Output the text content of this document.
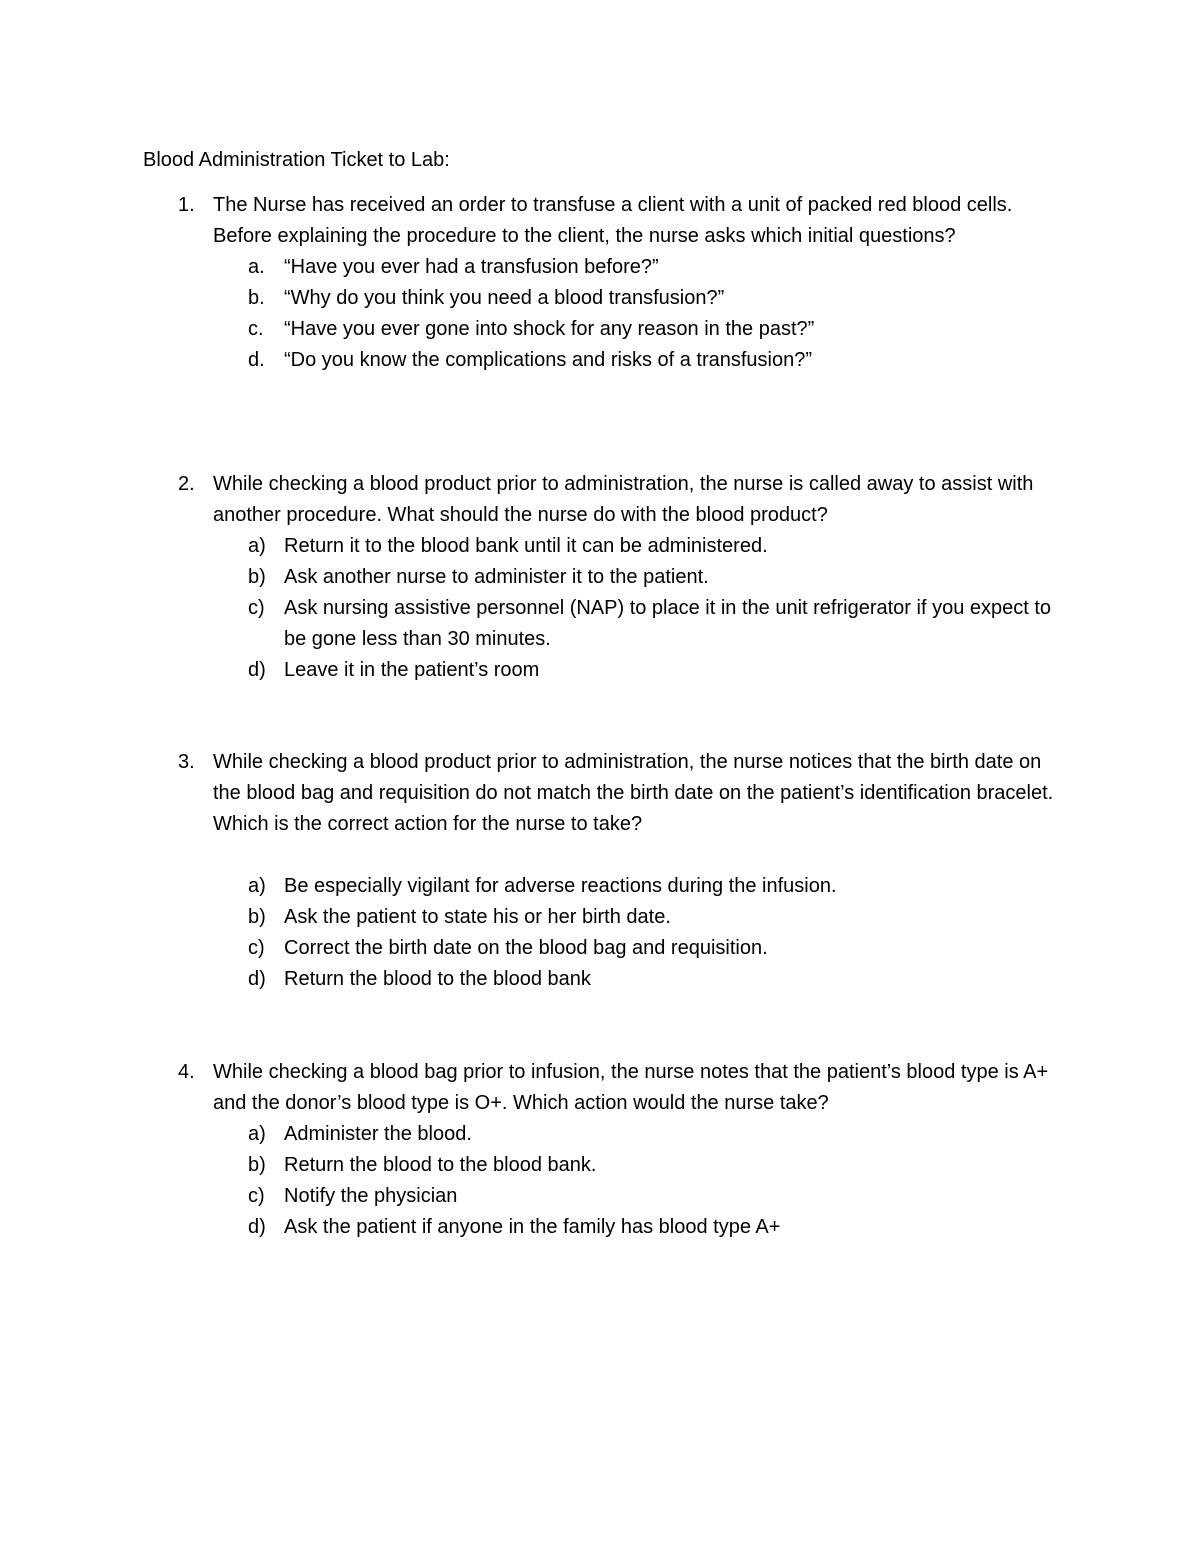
Blood Administration Ticket to Lab:
1. The Nurse has received an order to transfuse a client with a unit of packed red blood cells. Before explaining the procedure to the client, the nurse asks which initial questions?
a. “Have you ever had a transfusion before?”
b. “Why do you think you need a blood transfusion?”
c. “Have you ever gone into shock for any reason in the past?”
d. “Do you know the complications and risks of a transfusion?”
2. While checking a blood product prior to administration, the nurse is called away to assist with another procedure. What should the nurse do with the blood product?
a) Return it to the blood bank until it can be administered.
b) Ask another nurse to administer it to the patient.
c) Ask nursing assistive personnel (NAP) to place it in the unit refrigerator if you expect to be gone less than 30 minutes.
d) Leave it in the patient’s room
3. While checking a blood product prior to administration, the nurse notices that the birth date on the blood bag and requisition do not match the birth date on the patient’s identification bracelet. Which is the correct action for the nurse to take?
a) Be especially vigilant for adverse reactions during the infusion.
b) Ask the patient to state his or her birth date.
c) Correct the birth date on the blood bag and requisition.
d) Return the blood to the blood bank
4. While checking a blood bag prior to infusion, the nurse notes that the patient’s blood type is A+ and the donor’s blood type is O+. Which action would the nurse take?
a) Administer the blood.
b) Return the blood to the blood bank.
c) Notify the physician
d) Ask the patient if anyone in the family has blood type A+
